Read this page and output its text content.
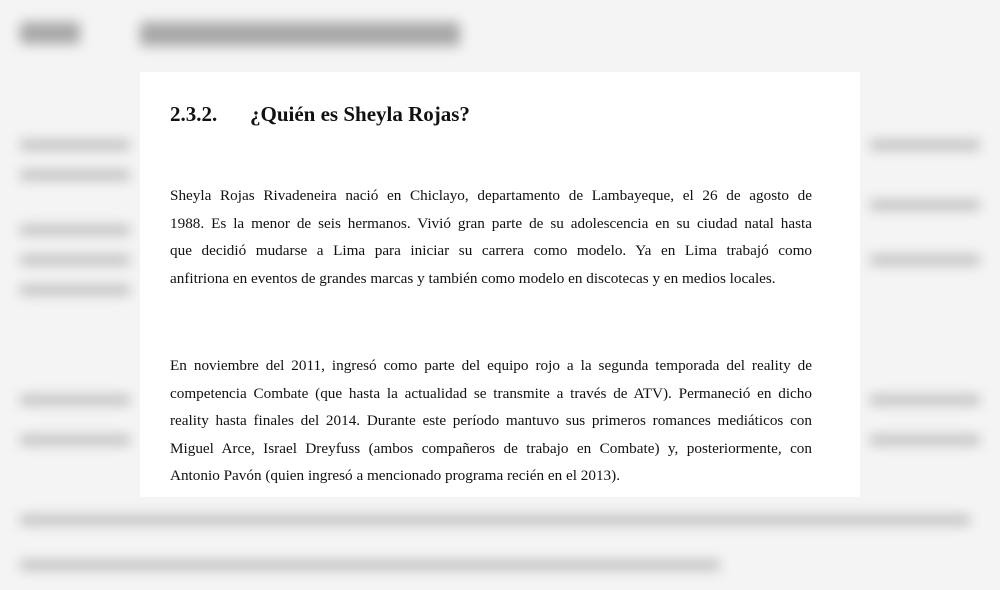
2.3.2. ¿Quién es Sheyla Rojas?
Sheyla Rojas Rivadeneira nació en Chiclayo, departamento de Lambayeque, el 26 de agosto de
1988. Es la menor de seis hermanos. Vivió gran parte de su adolescencia en su ciudad natal hasta
que decidió mudarse a Lima para iniciar su carrera como modelo. Ya en Lima trabajó como
anfitriona en eventos de grandes marcas y también como modelo en discotecas y en medios locales.
En noviembre del 2011, ingresó como parte del equipo rojo a la segunda temporada del reality de
competencia Combate (que hasta la actualidad se transmite a través de ATV). Permaneció en dicho
reality hasta finales del 2014. Durante este período mantuvo sus primeros romances mediáticos con
Miguel Arce, Israel Dreyfuss (ambos compañeros de trabajo en Combate) y, posteriormente, con
Antonio Pavón (quien ingresó a mencionado programa recién en el 2013).
